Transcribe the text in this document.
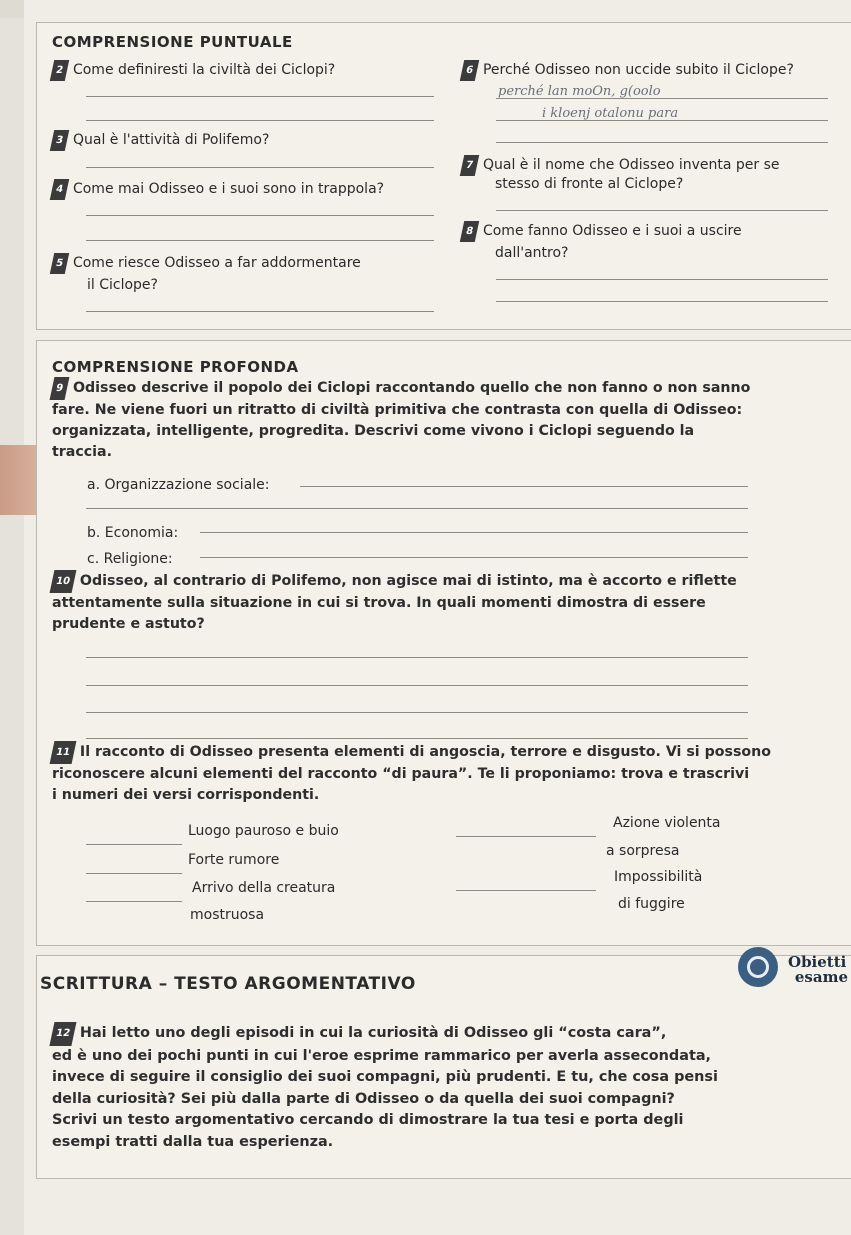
COMPRENSIONE PUNTUALE
2 Come definiresti la civiltà dei Ciclopi?
3 Qual è l'attività di Polifemo?
4 Come mai Odisseo e i suoi sono in trappola?
5 Come riesce Odisseo a far addormentare
il Ciclope?
6 Perché Odisseo non uccide subito il Ciclope?
perché lan moOn, g(oolo
i kloenj otalonu para
7 Qual è il nome che Odisseo inventa per se
stesso di fronte al Ciclope?
8 Come fanno Odisseo e i suoi a uscire
dall'antro?
COMPRENSIONE PROFONDA
9 Odisseo descrive il popolo dei Ciclopi raccontando quello che non fanno o non sanno
fare. Ne viene fuori un ritratto di civiltà primitiva che contrasta con quella di Odisseo:
organizzata, intelligente, progredita. Descrivi come vivono i Ciclopi seguendo la
traccia.
a. Organizzazione sociale:
b. Economia:
c. Religione:
10 Odisseo, al contrario di Polifemo, non agisce mai di istinto, ma è accorto e riflette
attentamente sulla situazione in cui si trova. In quali momenti dimostra di essere
prudente e astuto?
11 Il racconto di Odisseo presenta elementi di angoscia, terrore e disgusto. Vi si possono
riconoscere alcuni elementi del racconto “di paura”. Te li proponiamo: trova e trascrivi
i numeri dei versi corrispondenti.
Luogo pauroso e buio
Forte rumore
Arrivo della creatura
mostruosa
Azione violenta
a sorpresa
Impossibilità
di fuggire
SCRITTURA – TESTO ARGOMENTATIVO
Obietti
esame
12 Hai letto uno degli episodi in cui la curiosità di Odisseo gli “costa cara”,
ed è uno dei pochi punti in cui l'eroe esprime rammarico per averla assecondata,
invece di seguire il consiglio dei suoi compagni, più prudenti. E tu, che cosa pensi
della curiosità? Sei più dalla parte di Odisseo o da quella dei suoi compagni?
Scrivi un testo argomentativo cercando di dimostrare la tua tesi e porta degli
esempi tratti dalla tua esperienza.
